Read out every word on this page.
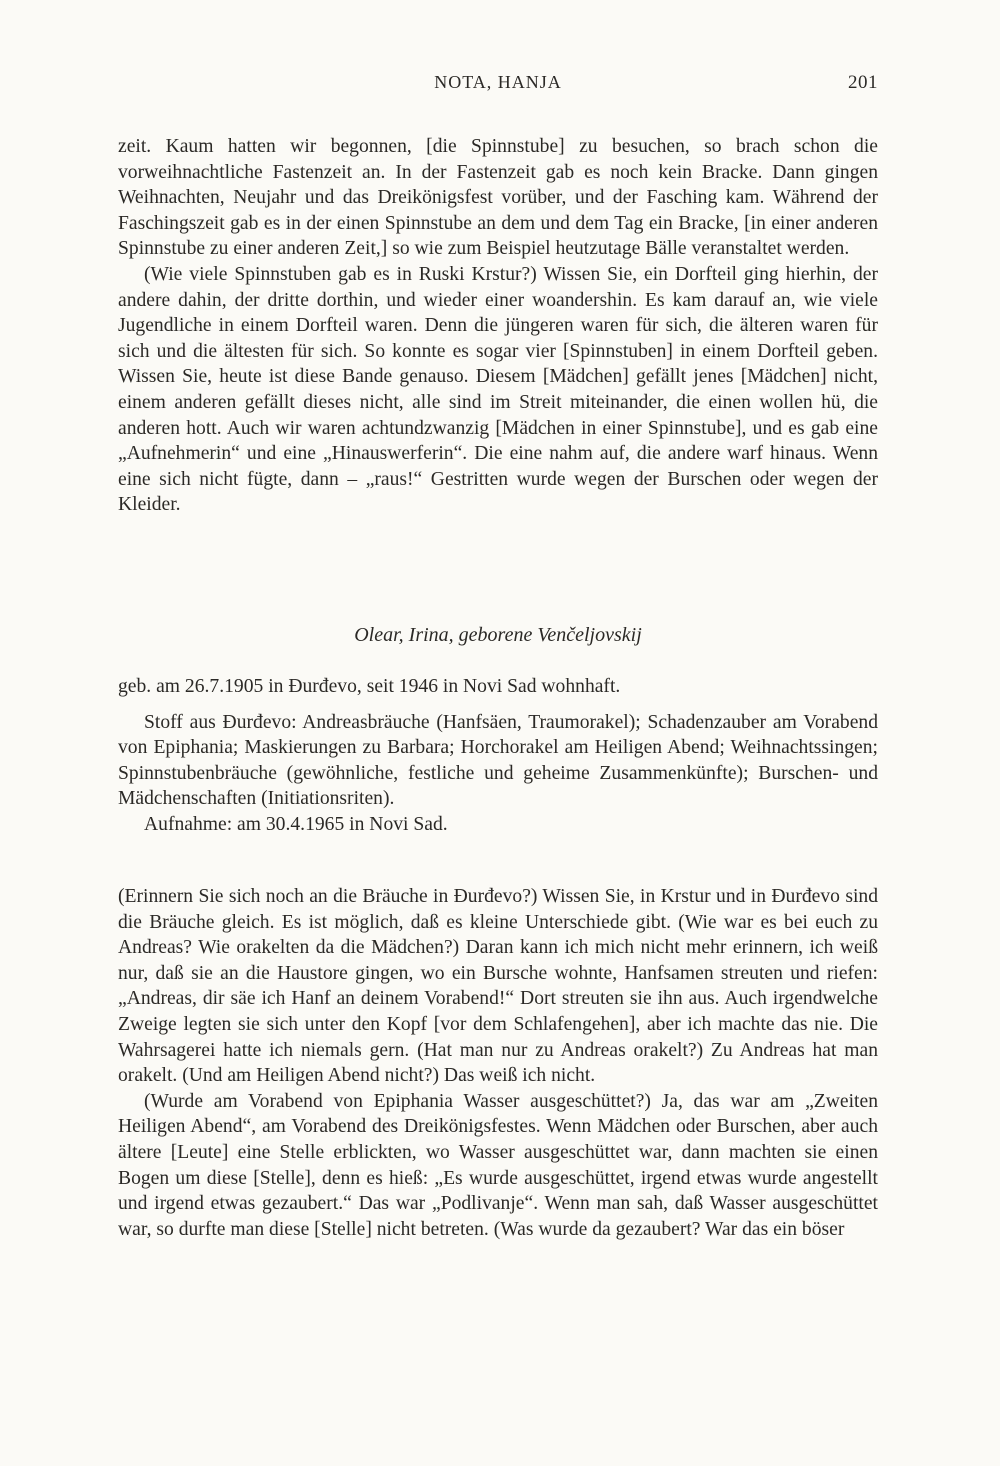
NOTA, HANJA	201

zeit. Kaum hatten wir begonnen, [die Spinnstube] zu besuchen, so brach schon die vorweihnachtliche Fastenzeit an. In der Fastenzeit gab es noch kein Bracke. Dann gingen Weihnachten, Neujahr und das Dreikönigsfest vorüber, und der Fasching kam. Während der Faschingszeit gab es in der einen Spinnstube an dem und dem Tag ein Bracke, [in einer anderen Spinnstube zu einer anderen Zeit,] so wie zum Beispiel heutzutage Bälle veranstaltet werden.

(Wie viele Spinnstuben gab es in Ruski Krstur?) Wissen Sie, ein Dorfteil ging hierhin, der andere dahin, der dritte dorthin, und wieder einer woandershin. Es kam darauf an, wie viele Jugendliche in einem Dorfteil waren. Denn die jüngeren waren für sich, die älteren waren für sich und die ältesten für sich. So konnte es sogar vier [Spinnstuben] in einem Dorfteil geben. Wissen Sie, heute ist diese Bande genauso. Diesem [Mädchen] gefällt jenes [Mädchen] nicht, einem anderen gefällt dieses nicht, alle sind im Streit miteinander, die einen wollen hü, die anderen hott. Auch wir waren achtundzwanzig [Mädchen in einer Spinnstube], und es gab eine „Aufnehmerin“ und eine „Hinauswerferin“. Die eine nahm auf, die andere warf hinaus. Wenn eine sich nicht fügte, dann – „raus!“ Gestritten wurde wegen der Burschen oder wegen der Kleider.

Olear, Irina, geborene Venčeljovskij

geb. am 26.7.1905 in Đurđevo, seit 1946 in Novi Sad wohnhaft.

Stoff aus Đurđevo: Andreasbräuche (Hanfsäen, Traumorakel); Schadenzauber am Vorabend von Epiphania; Maskierungen zu Barbara; Horchorakel am Heiligen Abend; Weihnachtssingen; Spinnstubenbräuche (gewöhnliche, festliche und geheime Zusammenkünfte); Burschen- und Mädchenschaften (Initiationsriten).

Aufnahme: am 30.4.1965 in Novi Sad.

(Erinnern Sie sich noch an die Bräuche in Đurđevo?) Wissen Sie, in Krstur und in Đurđevo sind die Bräuche gleich. Es ist möglich, daß es kleine Unterschiede gibt. (Wie war es bei euch zu Andreas? Wie orakelten da die Mädchen?) Daran kann ich mich nicht mehr erinnern, ich weiß nur, daß sie an die Haustore gingen, wo ein Bursche wohnte, Hanfsamen streuten und riefen: „Andreas, dir säe ich Hanf an deinem Vorabend!“ Dort streuten sie ihn aus. Auch irgendwelche Zweige legten sie sich unter den Kopf [vor dem Schlafengehen], aber ich machte das nie. Die Wahrsagerei hatte ich niemals gern. (Hat man nur zu Andreas orakelt?) Zu Andreas hat man orakelt. (Und am Heiligen Abend nicht?) Das weiß ich nicht.

(Wurde am Vorabend von Epiphania Wasser ausgeschüttet?) Ja, das war am „Zweiten Heiligen Abend“, am Vorabend des Dreikönigsfestes. Wenn Mädchen oder Burschen, aber auch ältere [Leute] eine Stelle erblickten, wo Wasser ausgeschüttet war, dann machten sie einen Bogen um diese [Stelle], denn es hieß: „Es wurde ausgeschüttet, irgend etwas wurde angestellt und irgend etwas gezaubert.“ Das war „Podlivanje“. Wenn man sah, daß Wasser ausgeschüttet war, so durfte man diese [Stelle] nicht betreten. (Was wurde da gezaubert? War das ein böser
